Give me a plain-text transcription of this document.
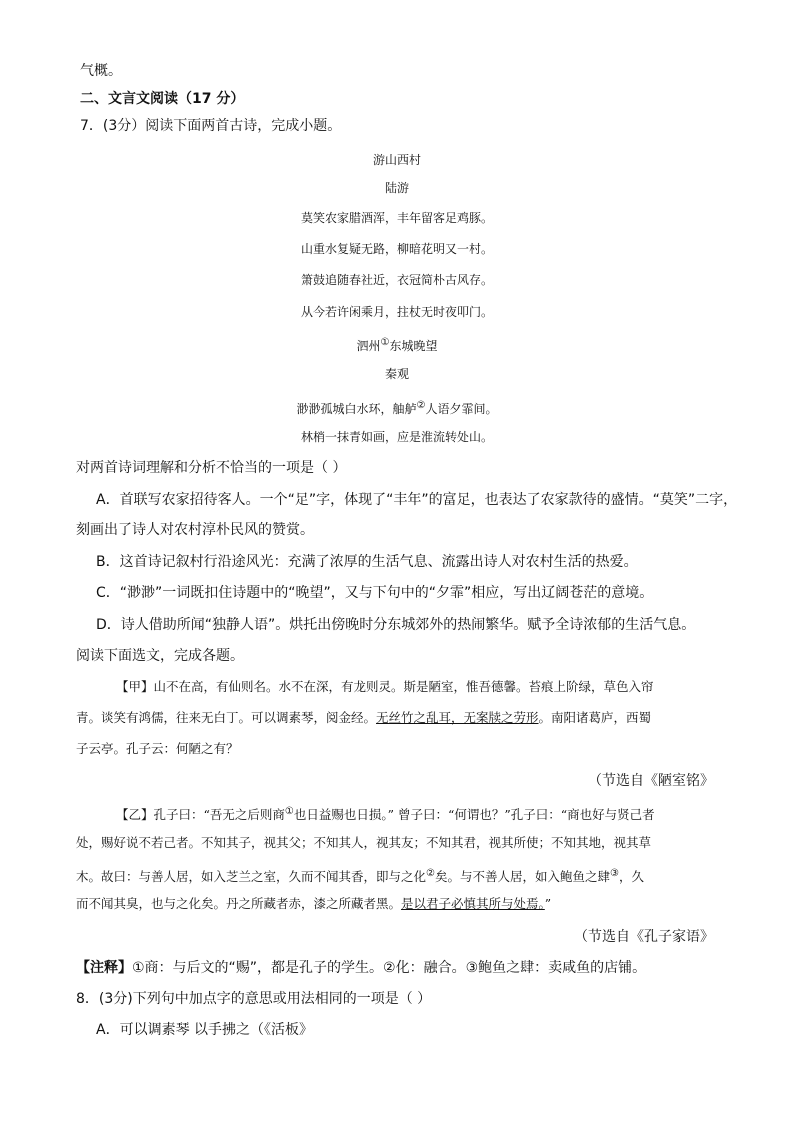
气概。
二、文言文阅读（17 分）
7．(3分）阅读下面两首古诗，完成小题。
游山西村
陆游
莫笑农家腊酒浑，丰年留客足鸡豚。
山重水复疑无路，柳暗花明又一村。
箫鼓追随春社近，衣冠简朴古风存。
从今若许闲乘月，拄杖无时夜叩门。
泗州①东城晚望
秦观
渺渺孤城白水环，舳舻②人语夕霏间。
林梢一抹青如画，应是淮流转处山。
对两首诗词理解和分析不恰当的一项是（ ）
A．首联写农家招待客人。一个“足”字，体现了“丰年”的富足，也表达了农家款待的盛情。“莫笑”二字，
刻画出了诗人对农村淳朴民风的赞赏。
B．这首诗记叙村行沿途风光：充满了浓厚的生活气息、流露出诗人对农村生活的热爱。
C．“渺渺”一词既扣住诗題中的“晚望”，又与下句中的“夕霏”相应，写出辽阔苍茫的意境。
D．诗人借助所闻“独静人语”。烘托出傍晚时分东城郊外的热闹繁华。赋予全诗浓郁的生活气息。
阅读下面选文，完成各题。
【甲】山不在高，有仙则名。水不在深，有龙则灵。斯是陋室，惟吾德馨。苔痕上阶绿，草色入帘
青。谈笑有鸿儒，往来无白丁。可以调素琴，阅金经。无丝竹之乱耳，无案牍之劳形。南阳诸葛庐，西蜀
子云亭。孔子云：何陋之有？
（节选自《陋室铭》
【乙】孔子曰：“吾无之后则商①也日益赐也日损。” 曾子曰：“何谓也？”孔子曰：“商也好与贤己者
处，赐好说不若己者。不知其子，视其父；不知其人，视其友；不知其君，视其所使；不知其地，视其草
木。故曰：与善人居，如入芝兰之室，久而不闻其香，即与之化②矣。与不善人居，如入鲍鱼之肆③，久
而不闻其臭，也与之化矣。丹之所藏者赤，漆之所藏者黑。是以君子必慎其所与处焉。”
（节选自《孔子家语》
【注释】①商：与后文的“赐”，都是孔子的学生。②化：融合。③鲍鱼之肆：卖咸鱼的店铺。
8．(3分)下列句中加点字的意思或用法相同的一项是（ ）
A．可以调素琴 以手拂之（《活板》
